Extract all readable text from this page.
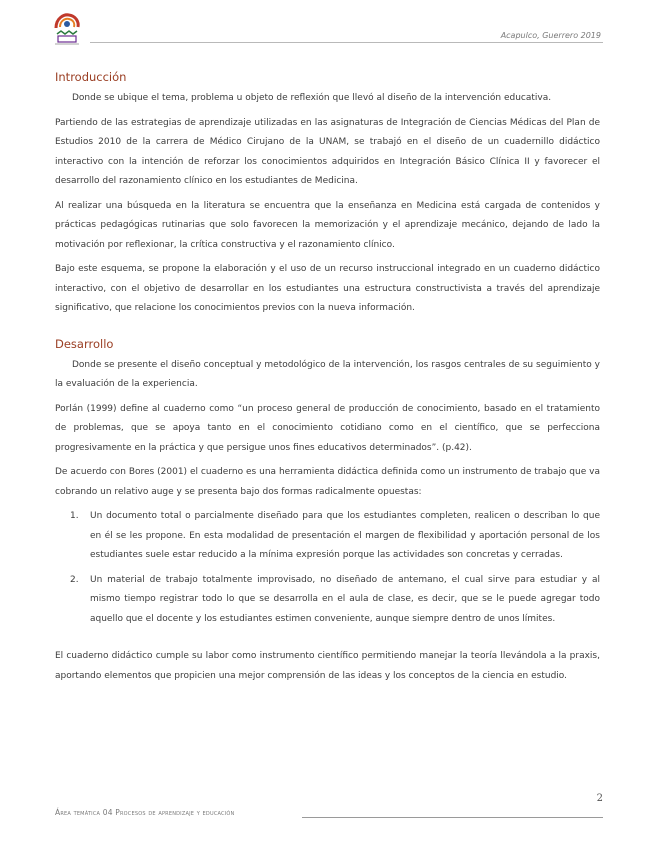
Acapulco, Guerrero 2019
Introducción

Donde se ubique el tema, problema u objeto de reflexión que llevó al diseño de la intervención educativa.

Partiendo de las estrategias de aprendizaje utilizadas en las asignaturas de Integración de Ciencias Médicas del Plan de Estudios 2010 de la carrera de Médico Cirujano de la UNAM, se trabajó en el diseño de un cuadernillo didáctico interactivo con la intención de reforzar los conocimientos adquiridos en Integración Básico Clínica II y favorecer el desarrollo del razonamiento clínico en los estudiantes de Medicina.

Al realizar una búsqueda en la literatura se encuentra que la enseñanza en Medicina está cargada de contenidos y prácticas pedagógicas rutinarias que solo favorecen la memorización y el aprendizaje mecánico, dejando de lado la motivación por reflexionar, la crítica constructiva y el razonamiento clínico.

Bajo este esquema, se propone la elaboración y el uso de un recurso instruccional integrado en un cuaderno didáctico interactivo, con el objetivo de desarrollar en los estudiantes una estructura constructivista a través del aprendizaje significativo, que relacione los conocimientos previos con la nueva información.

Desarrollo

Donde se presente el diseño conceptual y metodológico de la intervención, los rasgos centrales de su seguimiento y la evaluación de la experiencia.

Porlán (1999) define al cuaderno como “un proceso general de producción de conocimiento, basado en el tratamiento de problemas, que se apoya tanto en el conocimiento cotidiano como en el científico, que se perfecciona progresivamente en la práctica y que persigue unos fines educativos determinados”. (p.42).

De acuerdo con Bores (2001) el cuaderno es una herramienta didáctica definida como un instrumento de trabajo que va cobrando un relativo auge y se presenta bajo dos formas radicalmente opuestas:

1. Un documento total o parcialmente diseñado para que los estudiantes completen, realicen o describan lo que en él se les propone. En esta modalidad de presentación el margen de flexibilidad y aportación personal de los estudiantes suele estar reducido a la mínima expresión porque las actividades son concretas y cerradas.
2. Un material de trabajo totalmente improvisado, no diseñado de antemano, el cual sirve para estudiar y al mismo tiempo registrar todo lo que se desarrolla en el aula de clase, es decir, que se le puede agregar todo aquello que el docente y los estudiantes estimen conveniente, aunque siempre dentro de unos límites.

El cuaderno didáctico cumple su labor como instrumento científico permitiendo manejar la teoría llevándola a la praxis, aportando elementos que propicien una mejor comprensión de las ideas y los conceptos de la ciencia en estudio.

2
Área temática 04 Procesos de aprendizaje y educación
